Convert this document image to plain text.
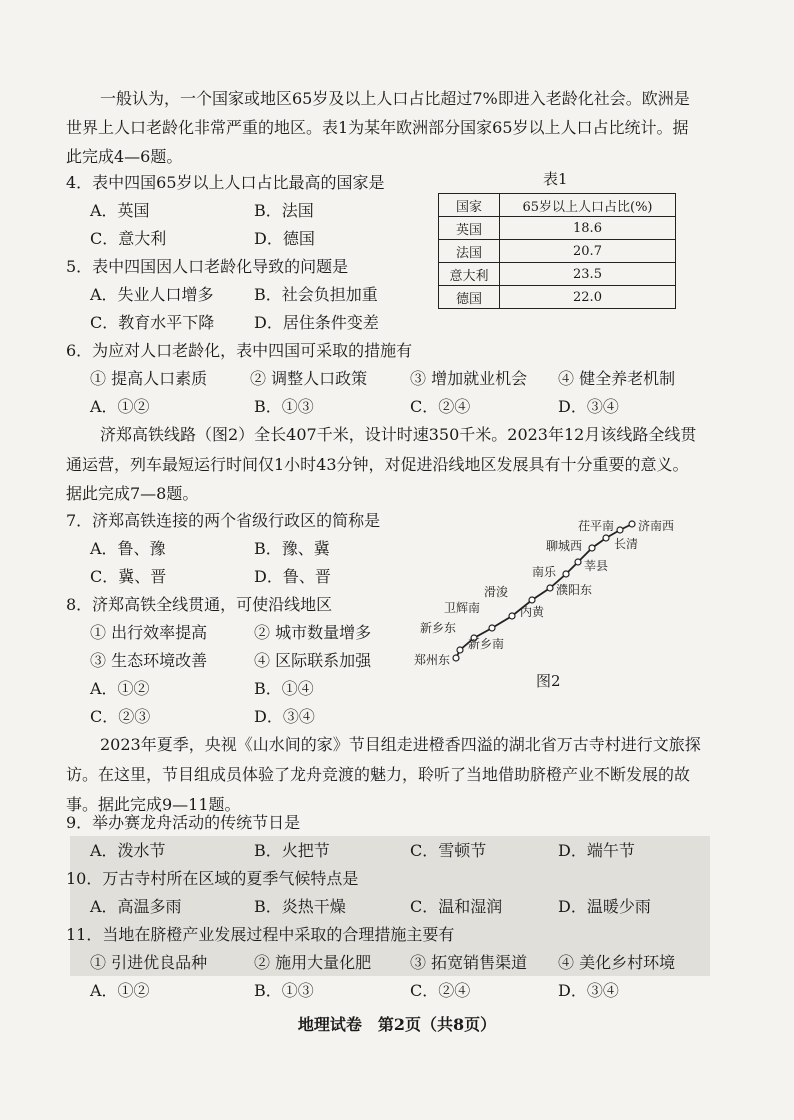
一般认为，一个国家或地区65岁及以上人口占比超过7%即进入老龄化社会。欧洲是
世界上人口老龄化非常严重的地区。表1为某年欧洲部分国家65岁以上人口占比统计。据
此完成4—6题。
4．表中四国65岁以上人口占比最高的国家是
A．英国	B．法国
C．意大利	D．德国
表1
国家	65岁以上人口占比(%)
英国	18.6
法国	20.7
意大利	23.5
德国	22.0
5．表中四国因人口老龄化导致的问题是
A．失业人口增多	B．社会负担加重
C．教育水平下降 D．居住条件变差
6．为应对人口老龄化，表中四国可采取的措施有
① 提高人口素质	② 调整人口政策	③ 增加就业机会 ④ 健全养老机制
A．①②	B．①③	C．②④	D．③④
济郑高铁线路（图2）全长407千米，设计时速350千米。2023年12月该线路全线贯
通运营，列车最短运行时间仅1小时43分钟，对促进沿线地区发展具有十分重要的意义。
据此完成7—8题。
7．济郑高铁连接的两个省级行政区的简称是
A．鲁、豫	B．豫、冀
C．冀、晋	D．鲁、晋
8．济郑高铁全线贯通，可使沿线地区
① 出行效率提高	② 城市数量增多
③ 生态环境改善	④ 区际联系加强
A．①②	B．①④
C．②③	D．③④
济南西
长清
茌平南
聊城西
莘县
南乐
濮阳东
内黄
滑浚
卫辉南
新乡东
新乡南
郑州东
图2
2023年夏季，央视《山水间的家》节目组走进橙香四溢的湖北省万古寺村进行文旅探
访。在这里，节目组成员体验了龙舟竞渡的魅力，聆听了当地借助脐橙产业不断发展的故
事。据此完成9—11题。
9．举办赛龙舟活动的传统节日是
A．泼水节	B．火把节	C．雪顿节	D．端午节
10．万古寺村所在区域的夏季气候特点是
A．高温多雨	B．炎热干燥	C．温和湿润	D．温暖少雨
11．当地在脐橙产业发展过程中采取的合理措施主要有
① 引进优良品种	② 施用大量化肥 ③ 拓宽销售渠道 ④ 美化乡村环境
A．①②	B．①③	C．②④	D．③④
地理试卷　第2页（共8页）
